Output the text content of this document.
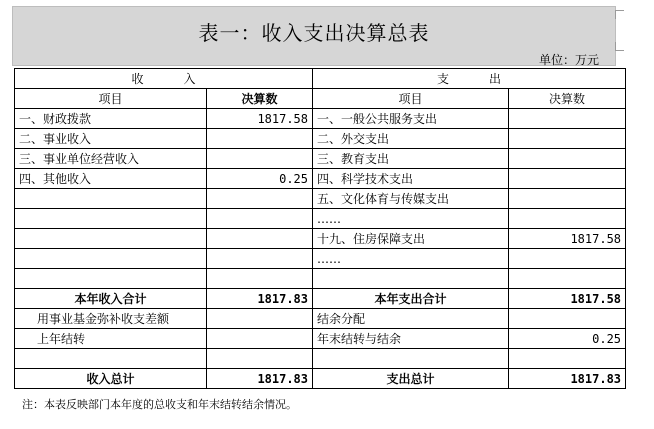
表一：收入支出决算总表
单位：万元
收入		支出	
项目	决算数	项目	决算数
一、财政拨款	1817.58	一、一般公共服务支出	
二、事业收入		二、外交支出	
三、事业单位经营收入		三、教育支出	
四、其他收入	0.25	四、科学技术支出	
		五、文化体育与传媒支出	
		……	
		十九、住房保障支出	1817.58
		……	

本年收入合计	1817.83	本年支出合计	1817.58
用事业基金弥补收支差额		结余分配	
上年结转		年末结转与结余	0.25

收入总计	1817.83	支出总计	1817.83
注：本表反映部门本年度的总收支和年末结转结余情况。
